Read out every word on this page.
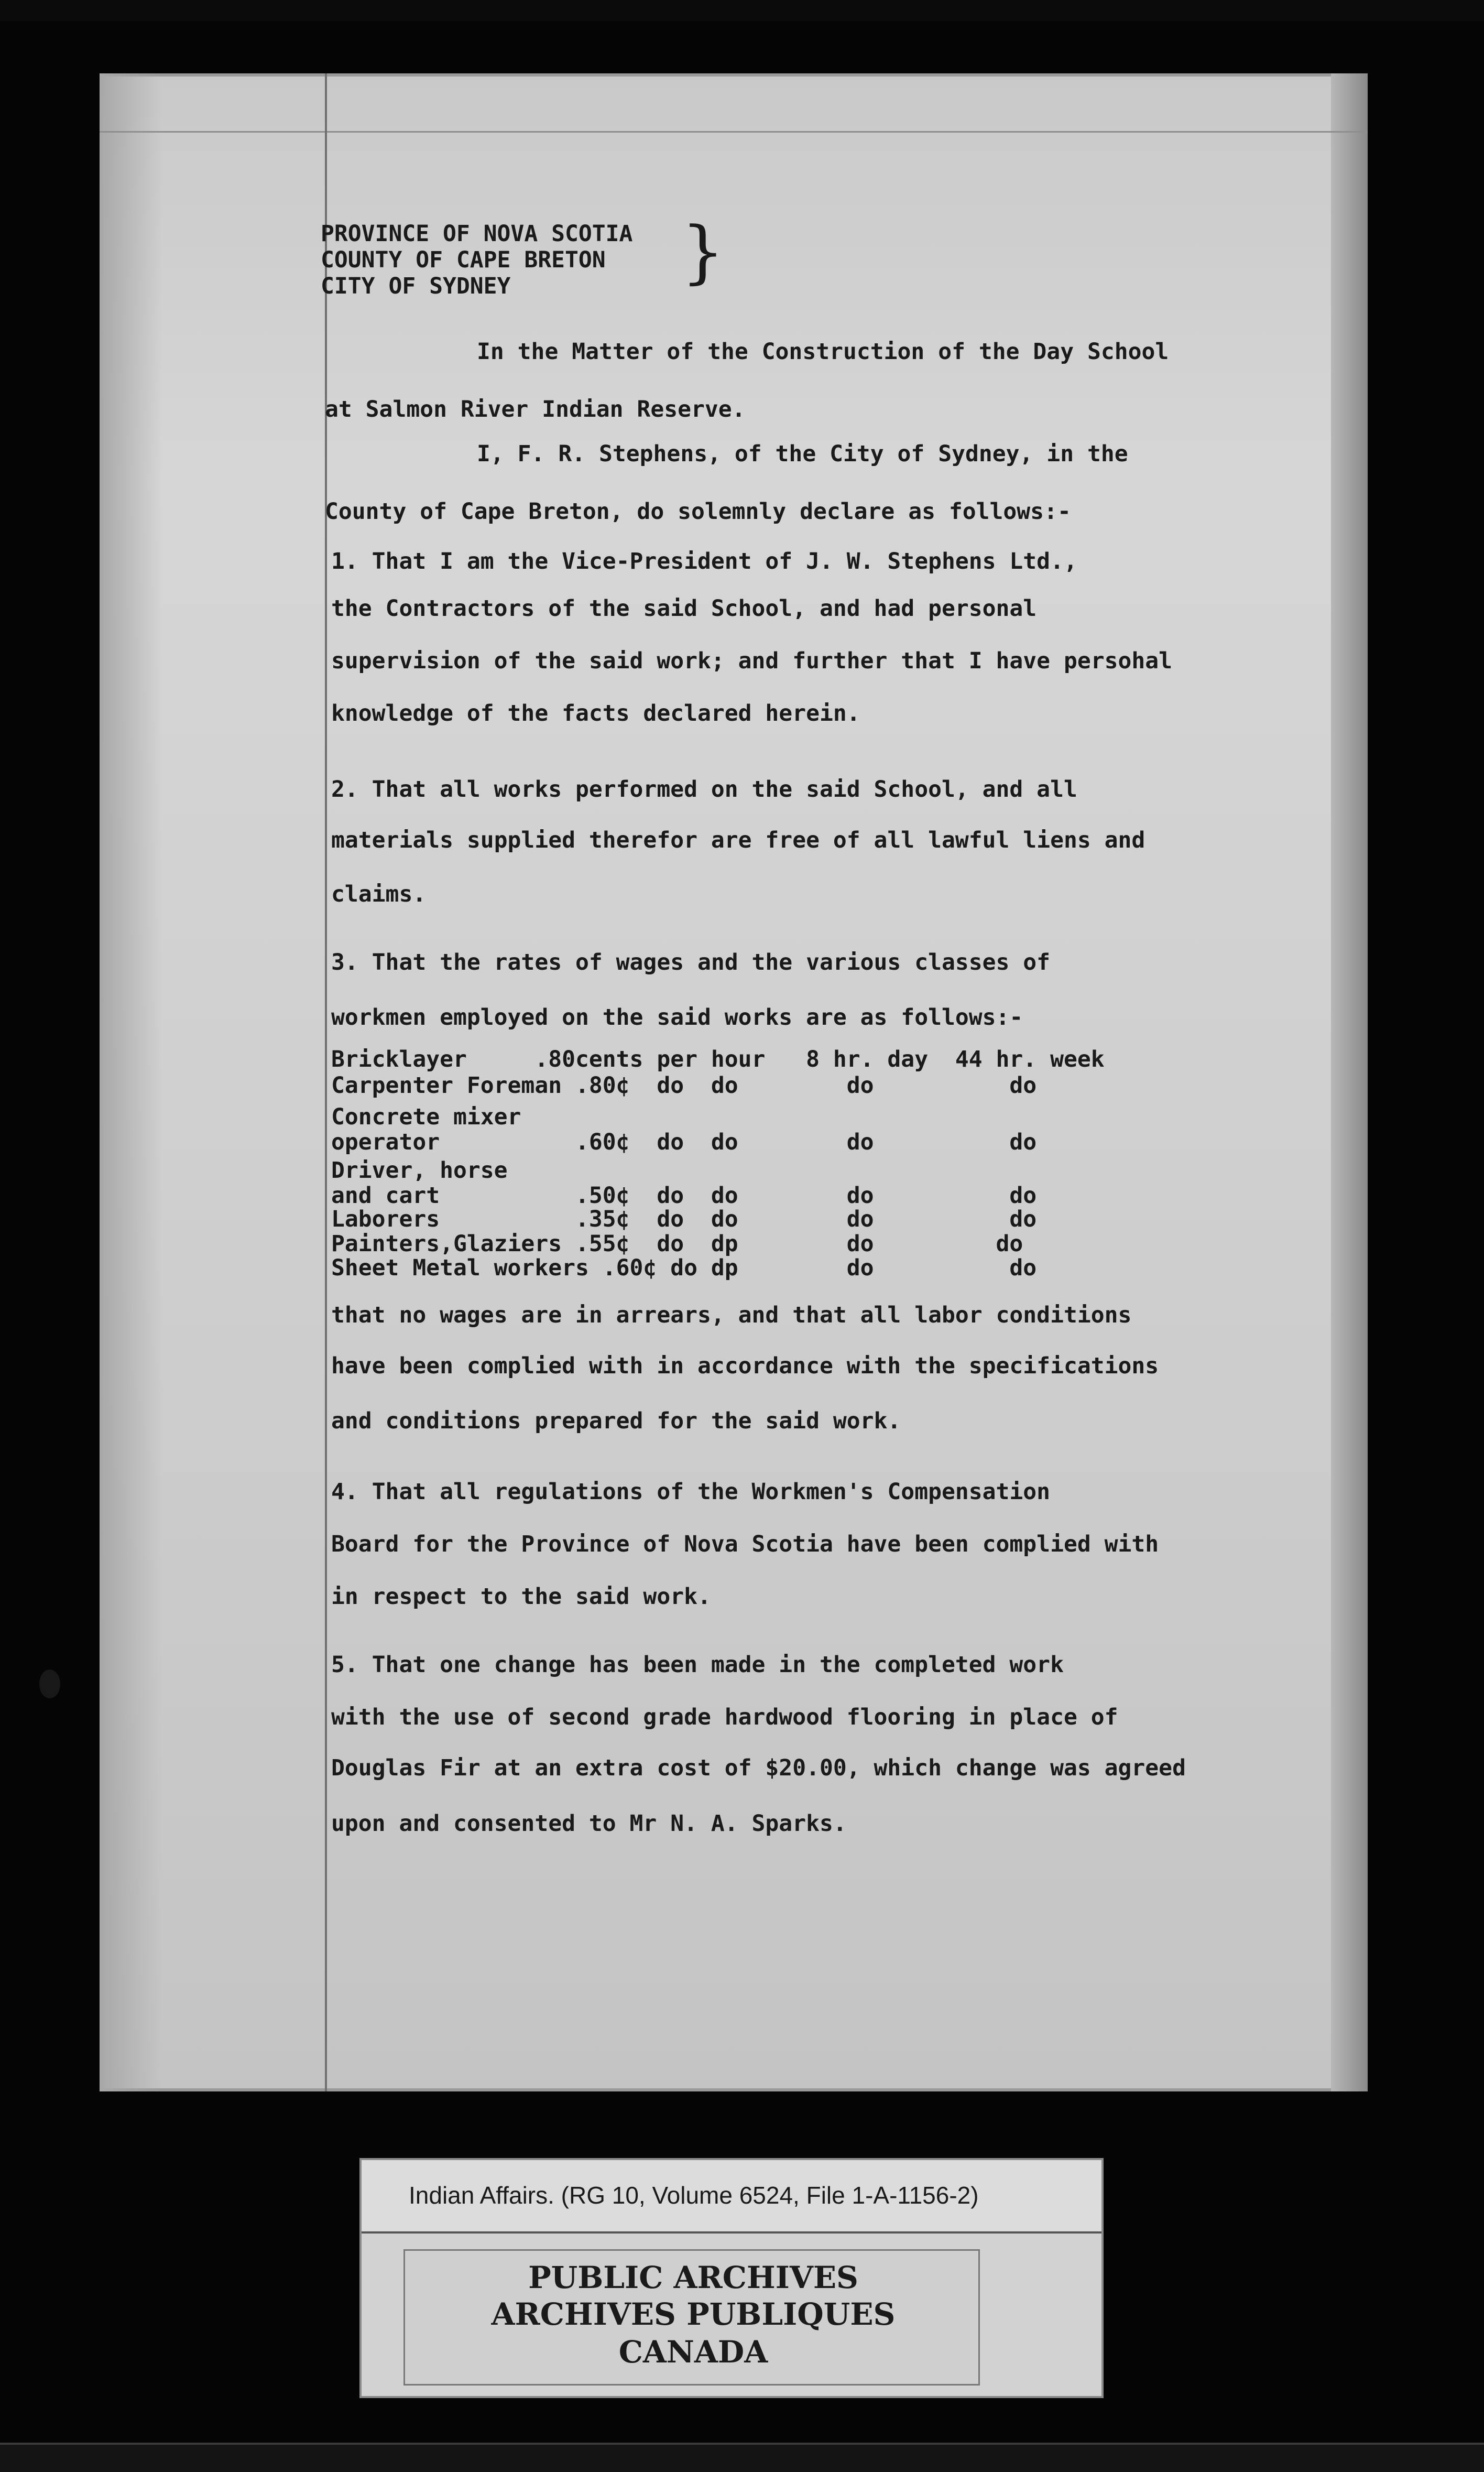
PROVINCE OF NOVA SCOTIA
COUNTY OF CAPE BRETON
CITY OF SYDNEY	}
In the Matter of the Construction of the Day School
at Salmon River Indian Reserve.
I, F. R. Stephens, of the City of Sydney, in the
County of Cape Breton, do solemnly declare as follows:-
1. That I am the Vice-President of J. W. Stephens Ltd.,
the Contractors of the said School, and had personal
supervision of the said work; and further that I have persohal
knowledge of the facts declared herein.
2. That all works performed on the said School, and all
materials supplied therefor are free of all lawful liens and
claims.
3. That the rates of wages and the various classes of
workmen employed on the said works are as follows:-
Bricklayer     .80cents per hour   8 hr. day  44 hr. week
Carpenter Foreman .80¢  do  do        do          do
Concrete mixer
operator          .60¢  do  do        do          do
Driver, horse
and cart          .50¢  do  do        do          do
Laborers          .35¢  do  do        do          do
Painters,Glaziers .55¢  do  dp        do         do
Sheet Metal workers .60¢ do dp        do          do
that no wages are in arrears, and that all labor conditions
have been complied with in accordance with the specifications
and conditions prepared for the said work.
4. That all regulations of the Workmen's Compensation
Board for the Province of Nova Scotia have been complied with
in respect to the said work.
5. That one change has been made in the completed work
with the use of second grade hardwood flooring in place of
Douglas Fir at an extra cost of $20.00, which change was agreed
upon and consented to Mr N. A. Sparks.
Indian Affairs. (RG 10, Volume 6524, File 1-A-1156-2)
PUBLIC ARCHIVES
ARCHIVES PUBLIQUES
CANADA
